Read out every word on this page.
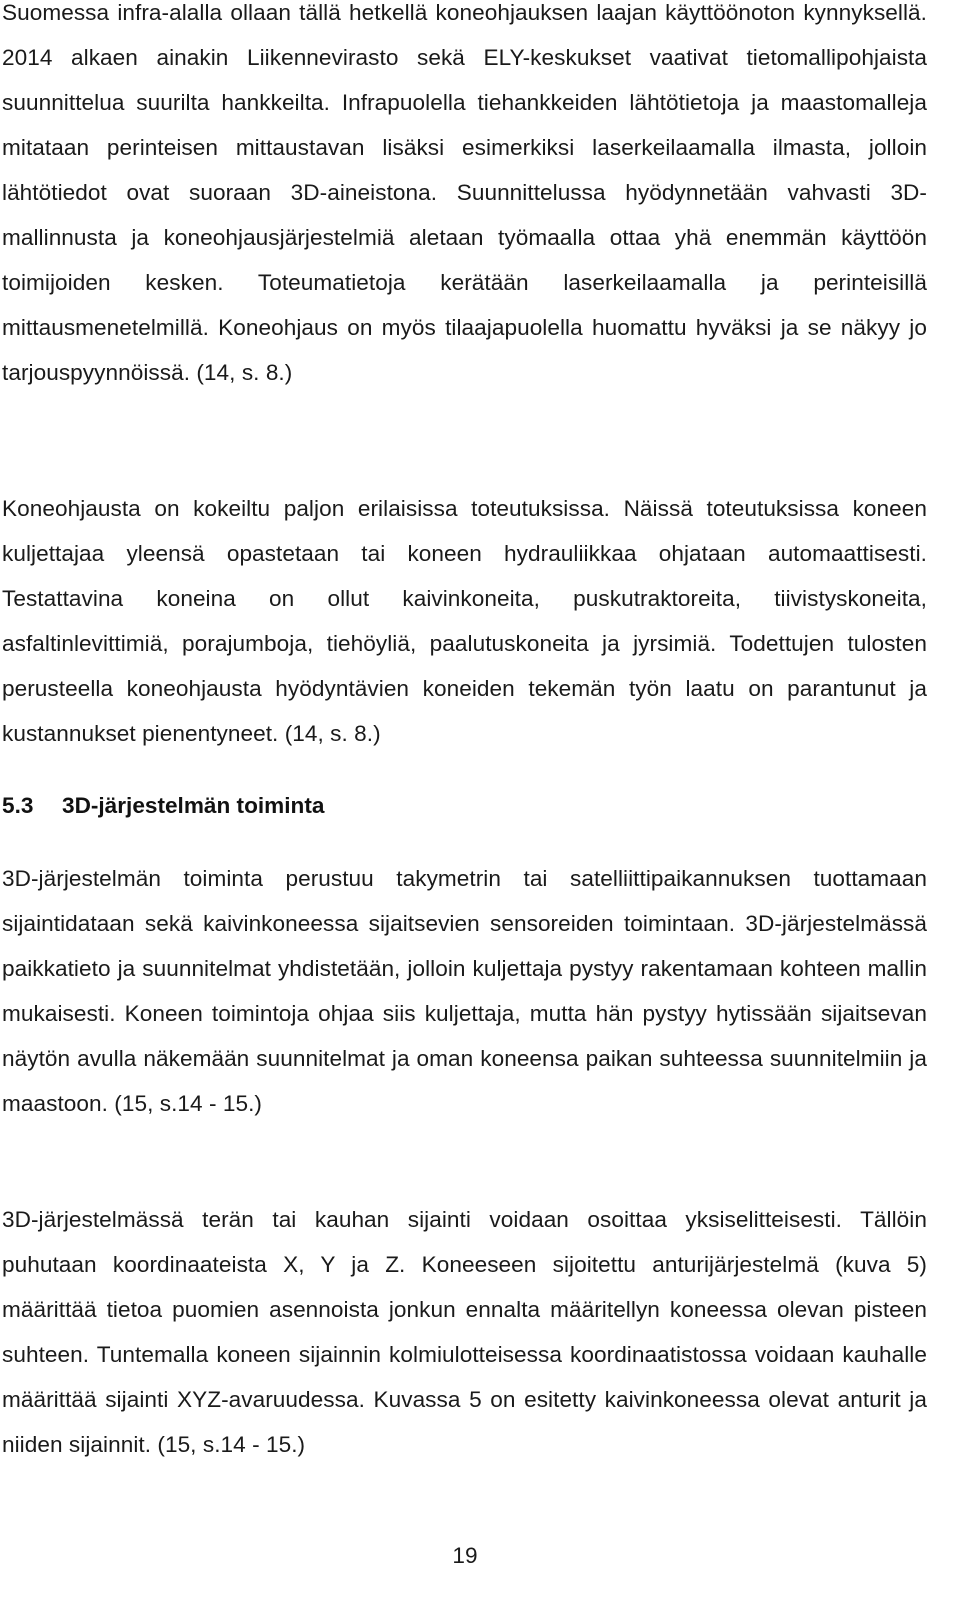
Suomessa infra-alalla ollaan tällä hetkellä koneohjauksen laajan käyttöönoton kynnyksellä. 2014 alkaen ainakin Liikennevirasto sekä ELY-keskukset vaativat tietomallipohjaista suunnittelua suurilta hankkeilta. Infrapuolella tiehankkeiden lähtötietoja ja maastomalleja mitataan perinteisen mittaustavan lisäksi esimerkiksi laserkeilaamalla ilmasta, jolloin lähtötiedot ovat suoraan 3D-aineistona. Suunnittelussa hyödynnetään vahvasti 3D-mallinnusta ja koneohjausjärjestelmiä aletaan työmaalla ottaa yhä enemmän käyttöön toimijoiden kesken. Toteumatietoja kerätään laserkeilaamalla ja perinteisillä mittausmenetelmillä. Koneohjaus on myös tilaajapuolella huomattu hyväksi ja se näkyy jo tarjouspyynnöissä. (14, s. 8.)

Koneohjausta on kokeiltu paljon erilaisissa toteutuksissa. Näissä toteutuksissa koneen kuljettajaa yleensä opastetaan tai koneen hydrauliikkaa ohjataan automaattisesti. Testattavina koneina on ollut kaivinkoneita, puskutraktoreita, tiivistyskoneita, asfaltinlevittimiä, porajumboja, tiehöyliä, paalutuskoneita ja jyrsimiä. Todettujen tulosten perusteella koneohjausta hyödyntävien koneiden tekemän työn laatu on parantunut ja kustannukset pienentyneet. (14, s. 8.)

5.3 3D-järjestelmän toiminta

3D-järjestelmän toiminta perustuu takymetrin tai satelliittipaikannuksen tuottamaan sijaintidataan sekä kaivinkoneessa sijaitsevien sensoreiden toimintaan. 3D-järjestelmässä paikkatieto ja suunnitelmat yhdistetään, jolloin kuljettaja pystyy rakentamaan kohteen mallin mukaisesti. Koneen toimintoja ohjaa siis kuljettaja, mutta hän pystyy hytissään sijaitsevan näytön avulla näkemään suunnitelmat ja oman koneensa paikan suhteessa suunnitelmiin ja maastoon. (15, s.14 - 15.)

3D-järjestelmässä terän tai kauhan sijainti voidaan osoittaa yksiselitteisesti. Tällöin puhutaan koordinaateista X, Y ja Z. Koneeseen sijoitettu anturijärjestelmä (kuva 5) määrittää tietoa puomien asennoista jonkun ennalta määritellyn koneessa olevan pisteen suhteen. Tuntemalla koneen sijainnin kolmiulotteisessa koordinaatistossa voidaan kauhalle määrittää sijainti XYZ-avaruudessa. Kuvassa 5 on esitetty kaivinkoneessa olevat anturit ja niiden sijainnit. (15, s.14 - 15.)

19
